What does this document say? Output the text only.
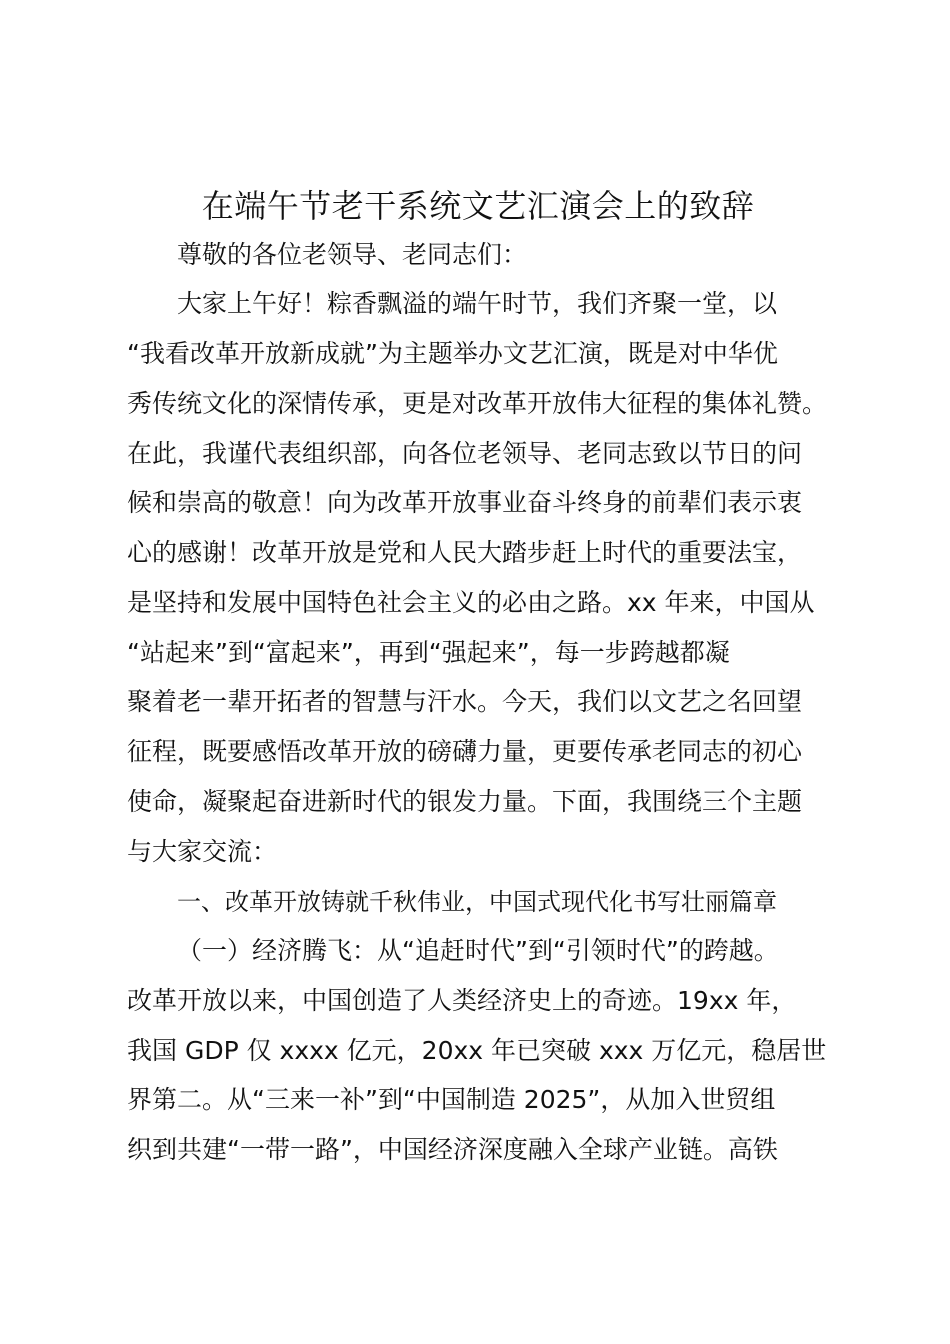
在端午节老干系统文艺汇演会上的致辞
尊敬的各位老领导、老同志们：
大家上午好！粽香飘溢的端午时节，我们齐聚一堂，以
“我看改革开放新成就”为主题举办文艺汇演，既是对中华优
秀传统文化的深情传承，更是对改革开放伟大征程的集体礼赞。
在此，我谨代表组织部，向各位老领导、老同志致以节日的问
候和崇高的敬意！向为改革开放事业奋斗终身的前辈们表示衷
心的感谢！改革开放是党和人民大踏步赶上时代的重要法宝，
是坚持和发展中国特色社会主义的必由之路。xx 年来，中国从
“站起来”到“富起来”，再到“强起来”，每一步跨越都凝
聚着老一辈开拓者的智慧与汗水。今天，我们以文艺之名回望
征程，既要感悟改革开放的磅礴力量，更要传承老同志的初心
使命，凝聚起奋进新时代的银发力量。下面，我围绕三个主题
与大家交流：
一、改革开放铸就千秋伟业，中国式现代化书写壮丽篇章
（一）经济腾飞：从“追赶时代”到“引领时代”的跨越。
改革开放以来，中国创造了人类经济史上的奇迹。19xx 年，
我国 GDP 仅 xxxx 亿元，20xx 年已突破 xxx 万亿元，稳居世
界第二。从“三来一补”到“中国制造 2025”，从加入世贸组
织到共建“一带一路”，中国经济深度融入全球产业链。高铁
